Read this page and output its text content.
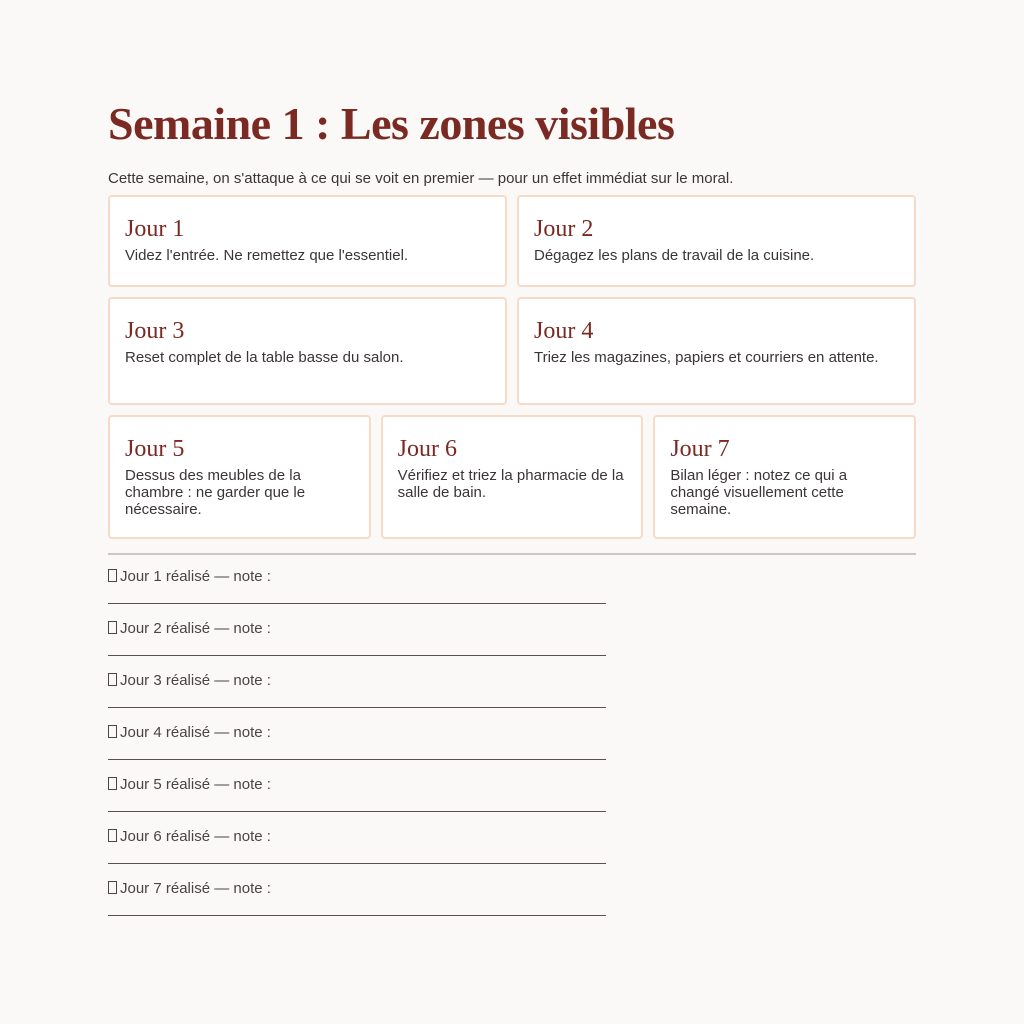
Semaine 1 : Les zones visibles
Cette semaine, on s'attaque à ce qui se voit en premier — pour un effet immédiat sur le moral.
Jour 1
Videz l'entrée. Ne remettez que l'essentiel.
Jour 2
Dégagez les plans de travail de la cuisine.
Jour 3
Reset complet de la table basse du salon.
Jour 4
Triez les magazines, papiers et courriers en attente.
Jour 5
Dessus des meubles de la chambre : ne garder que le nécessaire.
Jour 6
Vérifiez et triez la pharmacie de la salle de bain.
Jour 7
Bilan léger : notez ce qui a changé visuellement cette semaine.
Jour 1 réalisé — note :
Jour 2 réalisé — note :
Jour 3 réalisé — note :
Jour 4 réalisé — note :
Jour 5 réalisé — note :
Jour 6 réalisé — note :
Jour 7 réalisé — note :
